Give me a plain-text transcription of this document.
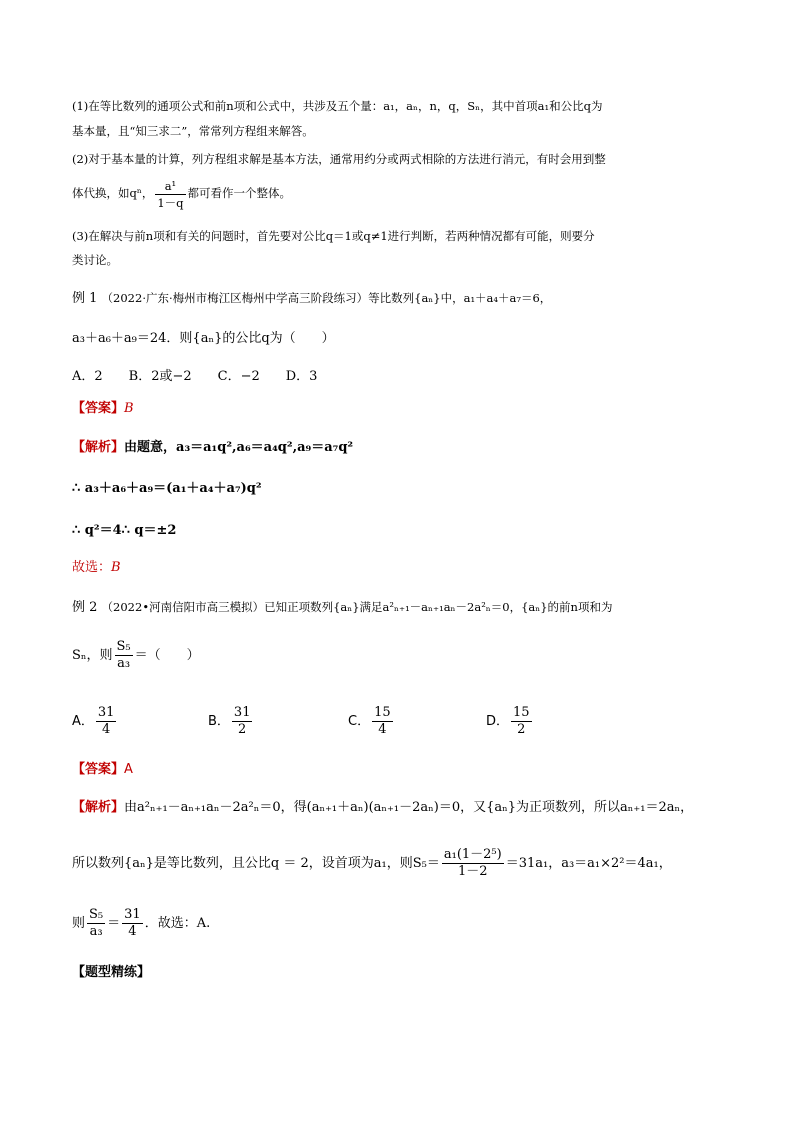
(1)在等比数列的通项公式和前n项和公式中，共涉及五个量：a₁，aₙ，n，q，Sₙ，其中首项a₁和公比q为
基本量，且“知三求二”，常常列方程组来解答。
(2)对于基本量的计算，列方程组求解是基本方法，通常用约分或两式相除的方法进行消元，有时会用到整
体代换，如qⁿ， $\frac{\text{a¹}}{1-q}$ 都可看作一个整体。
(3)在解决与前n项和有关的问题时，首先要对公比q＝1或q≠1进行判断，若两种情况都有可能，则要分
类讨论。
例 1 （2022·广东·梅州市梅江区梅州中学高三阶段练习）等比数列{aₙ}中，a₁＋a₄＋a₇＝6，
a₃＋a₆＋a₉＝24．则{aₙ}的公比q为（　　）
A．2　　B．2或−2　　C．−2　　D．3
【答案】B
【解析】由题意，a₃＝a₁q²,a₆＝a₄q²,a₉＝a₇q²
∴ a₃＋a₆＋a₉＝(a₁＋a₄＋a₇)q²
∴ q²＝4∴ q＝±2
故选：B
例 2 （2022•河南信阳市高三模拟）已知正项数列{aₙ}满足a²ₙ₊₁－aₙ₊₁aₙ－2a²ₙ＝0，{aₙ}的前n项和为
Sₙ，则 $\frac{\text{S₅}}{\text{a₃}}$ ＝（　　）
A． $\frac{31}{4}$	B． $\frac{31}{2}$	C． $\frac{15}{4}$	D． $\frac{15}{2}$
【答案】A
【解析】由a²ₙ₊₁－aₙ₊₁aₙ－2a²ₙ＝0，得(aₙ₊₁＋aₙ)(aₙ₊₁－2aₙ)＝0，又{aₙ}为正项数列，所以aₙ₊₁＝2aₙ，
所以数列{aₙ}是等比数列，且公比q ＝ 2，设首项为a₁，则$S_5= \frac{\text{a₁(1－2⁵)}}{1-2} =31a_1$，a₃＝a₁×2²＝4a₁，
则 $\frac{\text{S₅}}{\text{a₃}} = \frac{31}{4}$ ．故选：A.
【题型精练】
